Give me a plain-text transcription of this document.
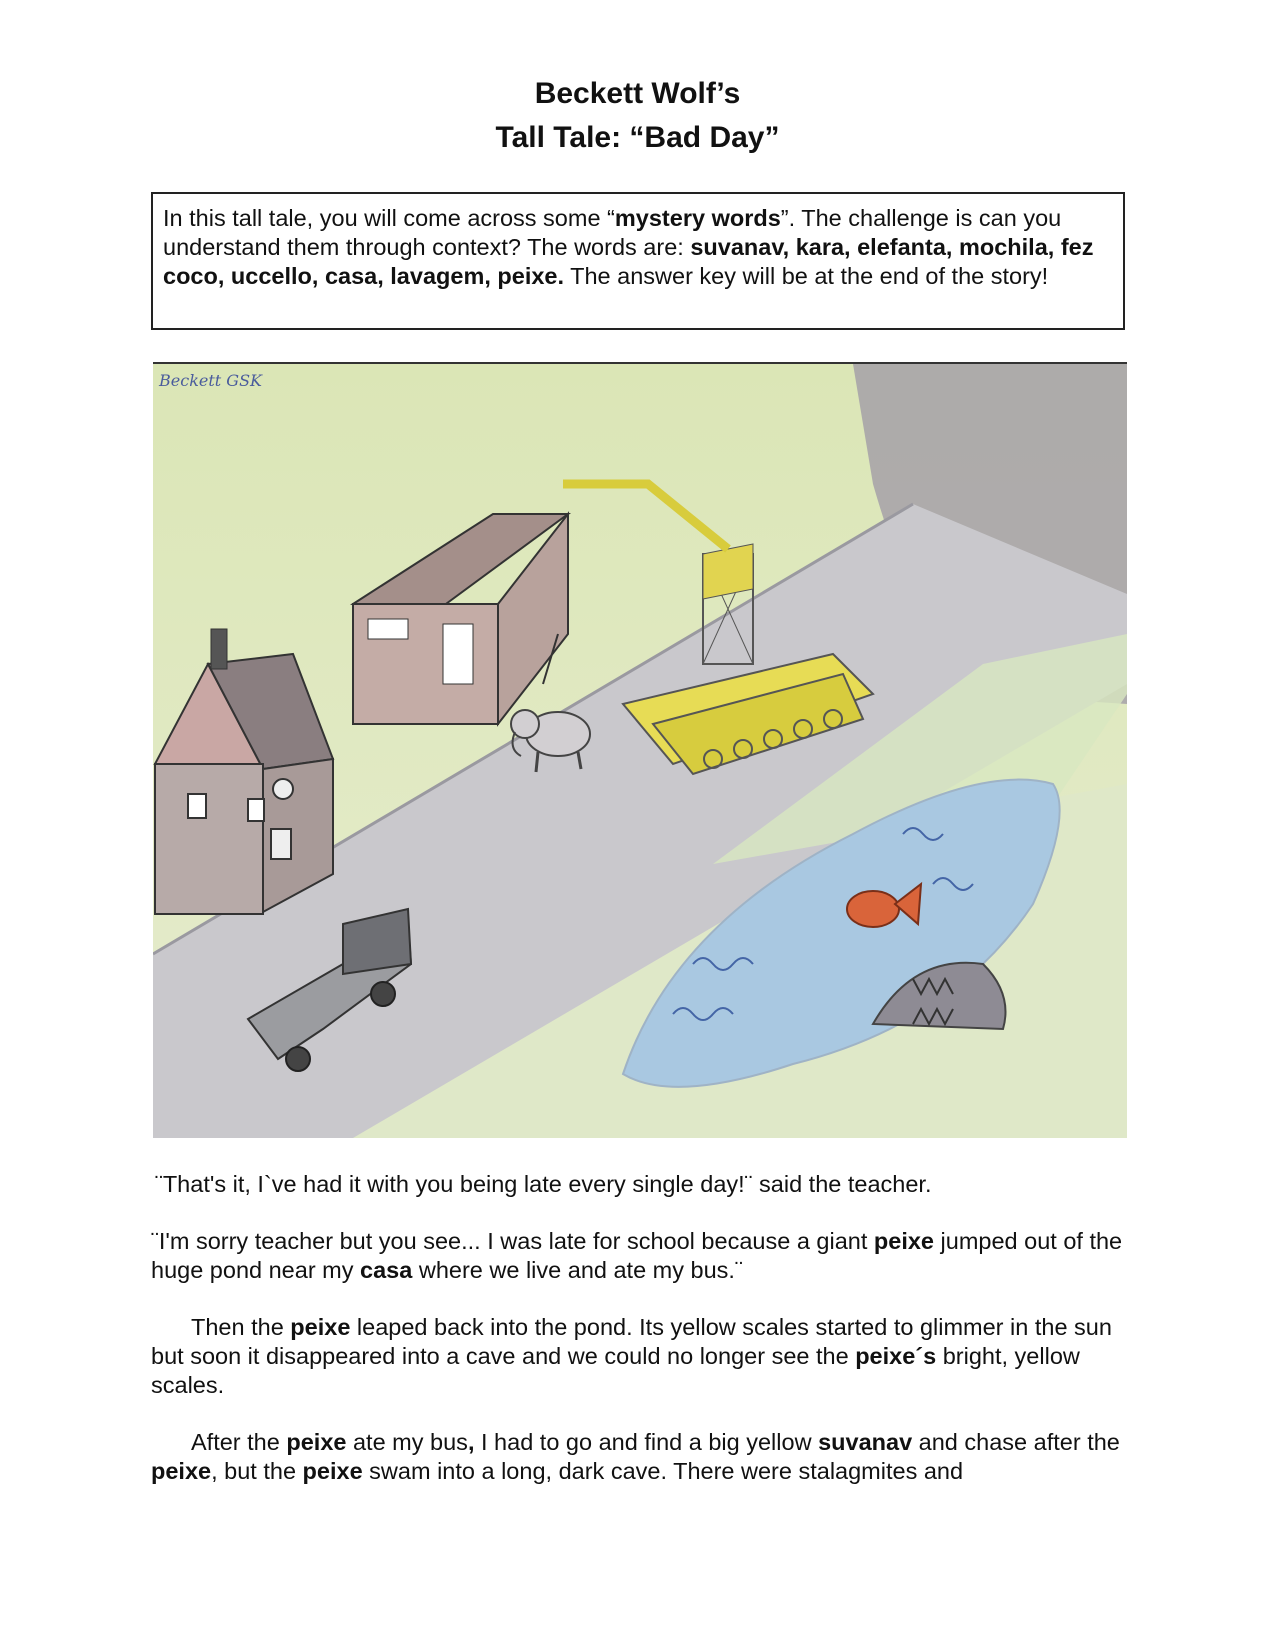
Beckett Wolf’s
Tall Tale: “Bad Day”
In this tall tale, you will come across some “mystery words”. The challenge is can you understand them through context? The words are: suvanav, kara, elefanta, mochila, fez coco, uccello, casa, lavagem, peixe. The answer key will be at the end of the story!
Beckett GSK
¨That's it, I`ve had it with you being late every single day!¨ said the teacher.
¨I'm sorry teacher but you see... I was late for school because a giant peixe jumped out of the huge pond near my casa where we live and ate my bus.¨
Then the peixe leaped back into the pond. Its yellow scales started to glimmer in the sun but soon it disappeared into a cave and we could no longer see the peixe´s bright, yellow scales.
After the peixe ate my bus, I had to go and find a big yellow suvanav and chase after the peixe, but the peixe swam into a long, dark cave. There were stalagmites and
